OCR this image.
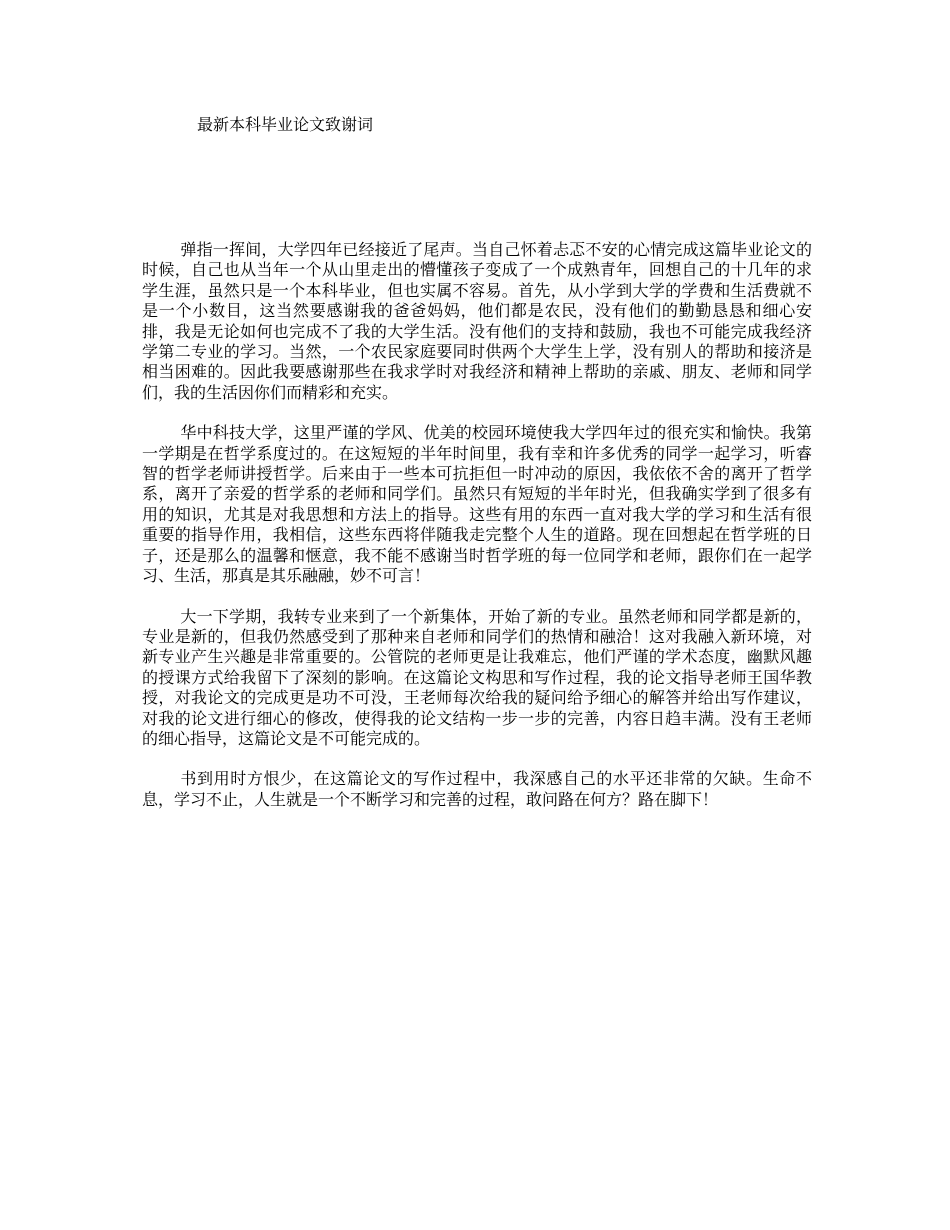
最新本科毕业论文致谢词

弹指一挥间，大学四年已经接近了尾声。当自己怀着忐忑不安的心情完成这篇毕业论文的时候，自己也从当年一个从山里走出的懵懂孩子变成了一个成熟青年，回想自己的十几年的求学生涯，虽然只是一个本科毕业，但也实属不容易。首先，从小学到大学的学费和生活费就不是一个小数目，这当然要感谢我的爸爸妈妈，他们都是农民，没有他们的勤勤恳恳和细心安排，我是无论如何也完成不了我的大学生活。没有他们的支持和鼓励，我也不可能完成我经济学第二专业的学习。当然，一个农民家庭要同时供两个大学生上学，没有别人的帮助和接济是相当困难的。因此我要感谢那些在我求学时对我经济和精神上帮助的亲戚、朋友、老师和同学们，我的生活因你们而精彩和充实。

华中科技大学，这里严谨的学风、优美的校园环境使我大学四年过的很充实和愉快。我第一学期是在哲学系度过的。在这短短的半年时间里，我有幸和许多优秀的同学一起学习，听睿智的哲学老师讲授哲学。后来由于一些本可抗拒但一时冲动的原因，我依依不舍的离开了哲学系，离开了亲爱的哲学系的老师和同学们。虽然只有短短的半年时光，但我确实学到了很多有用的知识，尤其是对我思想和方法上的指导。这些有用的东西一直对我大学的学习和生活有很重要的指导作用，我相信，这些东西将伴随我走完整个人生的道路。现在回想起在哲学班的日子，还是那么的温馨和惬意，我不能不感谢当时哲学班的每一位同学和老师，跟你们在一起学习、生活，那真是其乐融融，妙不可言！

大一下学期，我转专业来到了一个新集体，开始了新的专业。虽然老师和同学都是新的，专业是新的，但我仍然感受到了那种来自老师和同学们的热情和融洽！这对我融入新环境，对新专业产生兴趣是非常重要的。公管院的老师更是让我难忘，他们严谨的学术态度，幽默风趣的授课方式给我留下了深刻的影响。在这篇论文构思和写作过程，我的论文指导老师王国华教授，对我论文的完成更是功不可没，王老师每次给我的疑问给予细心的解答并给出写作建议，对我的论文进行细心的修改，使得我的论文结构一步一步的完善，内容日趋丰满。没有王老师的细心指导，这篇论文是不可能完成的。

书到用时方恨少，在这篇论文的写作过程中，我深感自己的水平还非常的欠缺。生命不息，学习不止，人生就是一个不断学习和完善的过程，敢问路在何方？路在脚下！
